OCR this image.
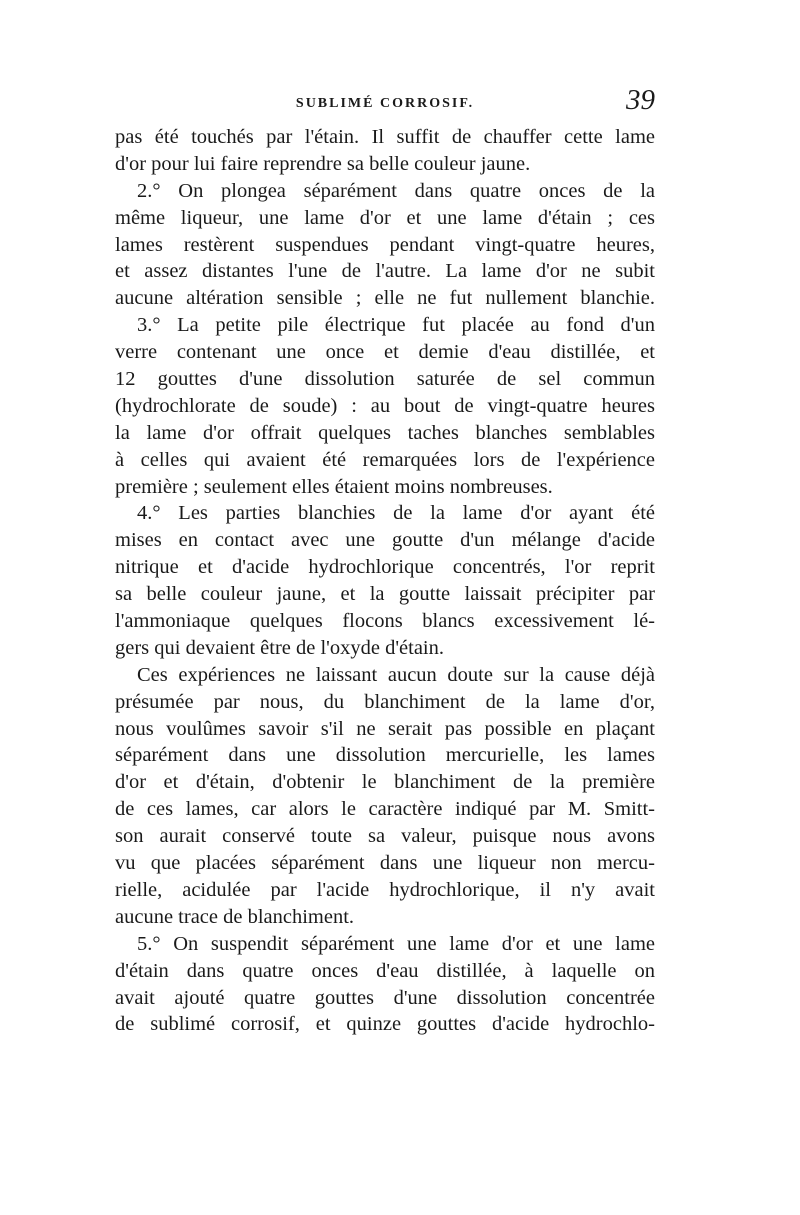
SUBLIMÉ CORROSIF.	39
pas été touchés par l'étain. Il suffit de chauffer cette lame
d'or pour lui faire reprendre sa belle couleur jaune.
2.° On plongea séparément dans quatre onces de la
même liqueur, une lame d'or et une lame d'étain ; ces
lames restèrent suspendues pendant vingt-quatre heures,
et assez distantes l'une de l'autre. La lame d'or ne subit
aucune altération sensible ; elle ne fut nullement blanchie.
3.° La petite pile électrique fut placée au fond d'un
verre contenant une once et demie d'eau distillée, et
12 gouttes d'une dissolution saturée de sel commun
(hydrochlorate de soude) : au bout de vingt-quatre heures
la lame d'or offrait quelques taches blanches semblables
à celles qui avaient été remarquées lors de l'expérience
première ; seulement elles étaient moins nombreuses.
4.° Les parties blanchies de la lame d'or ayant été
mises en contact avec une goutte d'un mélange d'acide
nitrique et d'acide hydrochlorique concentrés, l'or reprit
sa belle couleur jaune, et la goutte laissait précipiter par
l'ammoniaque quelques flocons blancs excessivement lé-
gers qui devaient être de l'oxyde d'étain.
Ces expériences ne laissant aucun doute sur la cause déjà
présumée par nous, du blanchiment de la lame d'or,
nous voulûmes savoir s'il ne serait pas possible en plaçant
séparément dans une dissolution mercurielle, les lames
d'or et d'étain, d'obtenir le blanchiment de la première
de ces lames, car alors le caractère indiqué par M. Smitt-
son aurait conservé toute sa valeur, puisque nous avons
vu que placées séparément dans une liqueur non mercu-
rielle, acidulée par l'acide hydrochlorique, il n'y avait
aucune trace de blanchiment.
5.° On suspendit séparément une lame d'or et une lame
d'étain dans quatre onces d'eau distillée, à laquelle on
avait ajouté quatre gouttes d'une dissolution concentrée
de sublimé corrosif, et quinze gouttes d'acide hydrochlo-
